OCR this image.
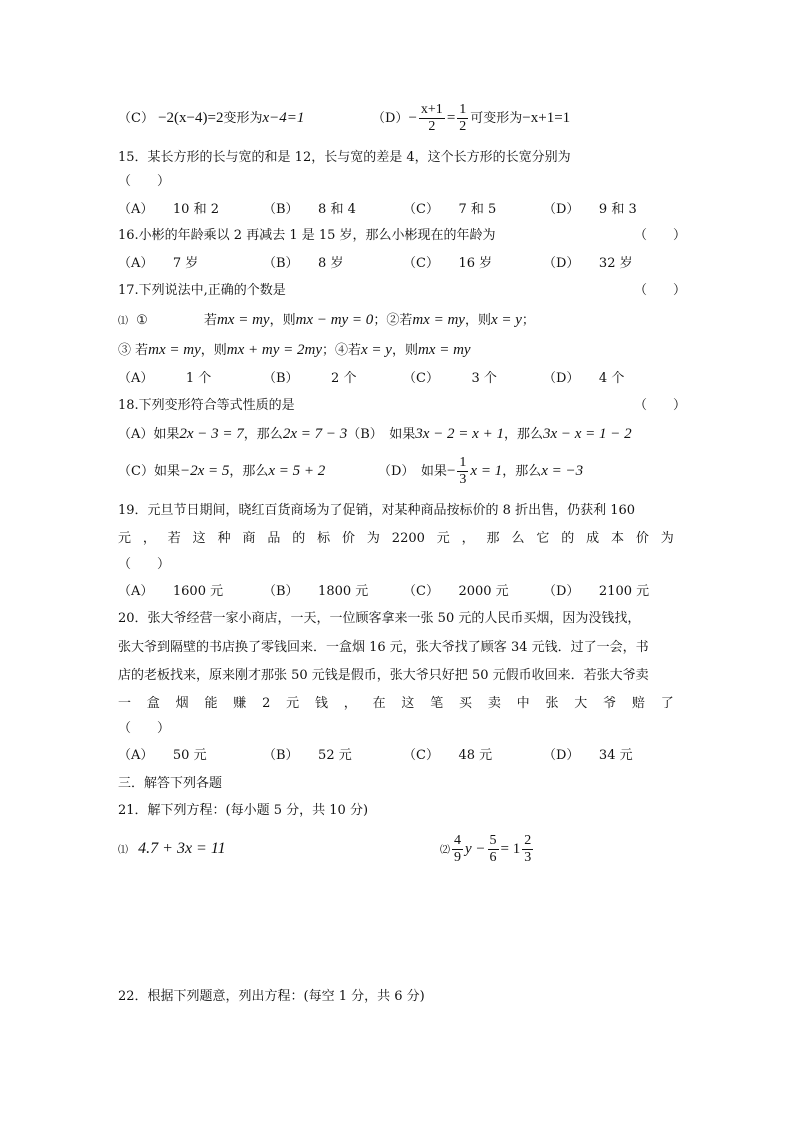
（C） −2(x−4)=2变形为x−4=1	$(D)- \frac{x+1}{2} = \frac{1}{2}$ 可变形为−x+1=1
15．某长方形的长与宽的和是 12，长与宽的差是 4，这个长方形的长宽分别为
（　　）
（A）　　10 和 2	（B）　　8 和 4	（C）　　7 和 5	（D）　　9 和 3
16.小彬的年龄乘以 2 再减去 1 是 15 岁，那么小彬现在的年龄为	（　　）
（A）　　7 岁	（B）　　8 岁	（C）　　16 岁	（D）　　32 岁
17.下列说法中,正确的个数是	（　　）
⑴ ①	若mx = my，则mx − my = 0；②若mx = my，则x = y；
③ 若mx = my，则mx + my = 2my；④若x = y，则mx = my
（A）　　　1 个	（B）　　　2 个	（C）　　　3 个	（D）　　4 个
18.下列变形符合等式性质的是	（　　）
（A）如果2x − 3 = 7，那么2x = 7 − 3（B）　如果3x − 2 = x + 1，那么3x − x = 1 − 2
（C）如果−2x = 5，那么x = 5 + 2	（D）　如果− $\frac{1}{3}$ x = 1，那么x = −3
19．元旦节日期间，晓红百货商场为了促销，对某种商品按标价的 8 折出售，仍获利 160
元 ， 若 这 种 商 品 的 标 价 为 2200 元 ， 那 么 它 的 成 本 价 为
（　　）
（A）　　1600 元	（B）　　1800 元	（C）　　2000 元	（D）　　2100 元
20．张大爷经营一家小商店，一天，一位顾客拿来一张 50 元的人民币买烟，因为没钱找，
张大爷到隔壁的书店换了零钱回来．一盒烟 16 元，张大爷找了顾客 34 元钱．过了一会，书
店的老板找来，原来刚才那张 50 元钱是假币，张大爷只好把 50 元假币收回来．若张大爷卖
一 盒 烟 能 赚 2 元 钱 ， 在 这 笔 买 卖 中 张 大 爷 赔 了
（　　）
（A）　　50 元	（B）　　52 元	（C）　　48 元	（D）　　34 元
三．解答下列各题
21．解下列方程：(每小题 5 分，共 10 分)
⑴ 4.7 + 3x = 11	⑵ $\frac{4}{9}$ $y - \frac{5}{6} = 1 \frac{2}{3}$
22．根据下列题意，列出方程：(每空 1 分，共 6 分)
